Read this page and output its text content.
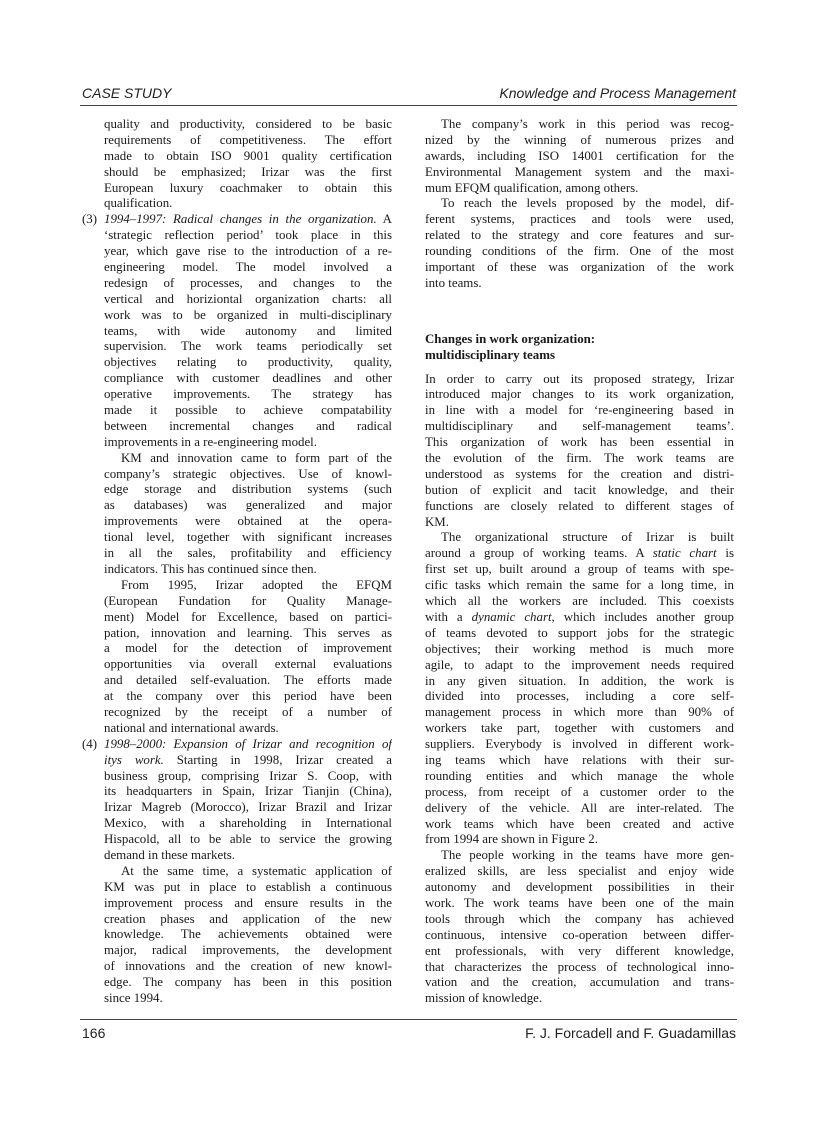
CASE STUDY	Knowledge and Process Management
quality and productivity, considered to be basic
requirements of competitiveness. The effort
made to obtain ISO 9001 quality certification
should be emphasized; Irizar was the first
European luxury coachmaker to obtain this
qualification.
(3) 1994–1997: Radical changes in the organization. A
‘strategic reflection period’ took place in this
year, which gave rise to the introduction of a re-
engineering model. The model involved a
redesign of processes, and changes to the
vertical and horiziontal organization charts: all
work was to be organized in multi-disciplinary
teams, with wide autonomy and limited
supervision. The work teams periodically set
objectives relating to productivity, quality,
compliance with customer deadlines and other
operative improvements. The strategy has
made it possible to achieve compatability
between incremental changes and radical
improvements in a re-engineering model.
KM and innovation came to form part of the
company’s strategic objectives. Use of knowl-
edge storage and distribution systems (such
as databases) was generalized and major
improvements were obtained at the opera-
tional level, together with significant increases
in all the sales, profitability and efficiency
indicators. This has continued since then.
From 1995, Irizar adopted the EFQM
(European Fundation for Quality Manage-
ment) Model for Excellence, based on partici-
pation, innovation and learning. This serves as
a model for the detection of improvement
opportunities via overall external evaluations
and detailed self-evaluation. The efforts made
at the company over this period have been
recognized by the receipt of a number of
national and international awards.
(4) 1998–2000: Expansion of Irizar and recognition of
itys work. Starting in 1998, Irizar created a
business group, comprising Irizar S. Coop, with
its headquarters in Spain, Irizar Tianjin (China),
Irizar Magreb (Morocco), Irizar Brazil and Irizar
Mexico, with a shareholding in International
Hispacold, all to be able to service the growing
demand in these markets.
At the same time, a systematic application of
KM was put in place to establish a continuous
improvement process and ensure results in the
creation phases and application of the new
knowledge. The achievements obtained were
major, radical improvements, the development
of innovations and the creation of new knowl-
edge. The company has been in this position
since 1994.
The company’s work in this period was recog-
nized by the winning of numerous prizes and
awards, including ISO 14001 certification for the
Environmental Management system and the maxi-
mum EFQM qualification, among others.
To reach the levels proposed by the model, dif-
ferent systems, practices and tools were used,
related to the strategy and core features and sur-
rounding conditions of the firm. One of the most
important of these was organization of the work
into teams.
Changes in work organization:
multidisciplinary teams
In order to carry out its proposed strategy, Irizar
introduced major changes to its work organization,
in line with a model for ‘re-engineering based in
multidisciplinary and self-management teams’.
This organization of work has been essential in
the evolution of the firm. The work teams are
understood as systems for the creation and distri-
bution of explicit and tacit knowledge, and their
functions are closely related to different stages of
KM.
The organizational structure of Irizar is built
around a group of working teams. A static chart is
first set up, built around a group of teams with spe-
cific tasks which remain the same for a long time, in
which all the workers are included. This coexists
with a dynamic chart, which includes another group
of teams devoted to support jobs for the strategic
objectives; their working method is much more
agile, to adapt to the improvement needs required
in any given situation. In addition, the work is
divided into processes, including a core self-
management process in which more than 90% of
workers take part, together with customers and
suppliers. Everybody is involved in different work-
ing teams which have relations with their sur-
rounding entities and which manage the whole
process, from receipt of a customer order to the
delivery of the vehicle. All are inter-related. The
work teams which have been created and active
from 1994 are shown in Figure 2.
The people working in the teams have more gen-
eralized skills, are less specialist and enjoy wide
autonomy and development possibilities in their
work. The work teams have been one of the main
tools through which the company has achieved
continuous, intensive co-operation between differ-
ent professionals, with very different knowledge,
that characterizes the process of technological inno-
vation and the creation, accumulation and trans-
mission of knowledge.
166	F. J. Forcadell and F. Guadamillas
